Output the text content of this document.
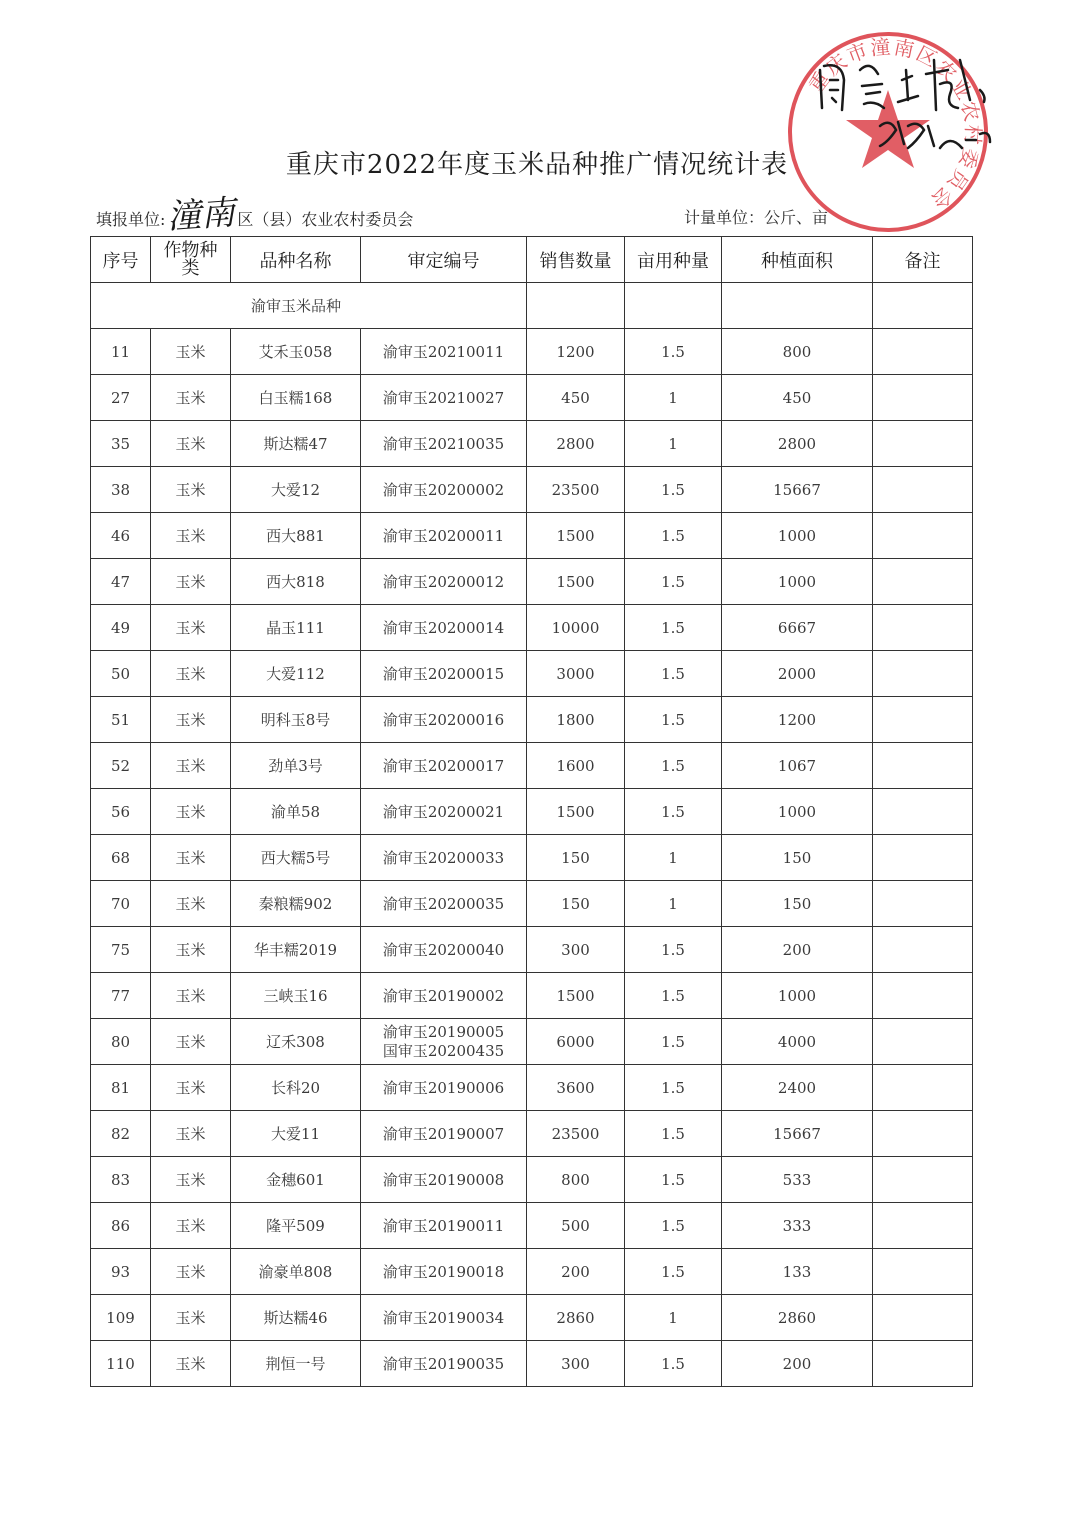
重庆市潼南区农业农村委员会
重庆市2022年度玉米品种推广情况统计表
填报单位: 潼南 区（县）农业农村委员会	计量单位：公斤、亩
序号	作物种类	品种名称	审定编号	销售数量	亩用种量	种植面积	备注
渝审玉米品种							
11	玉米	艾禾玉058	渝审玉20210011	1200	1.5	800	
27	玉米	白玉糯168	渝审玉20210027	450	1	450	
35	玉米	斯达糯47	渝审玉20210035	2800	1	2800	
38	玉米	大爱12	渝审玉20200002	23500	1.5	15667	
46	玉米	西大881	渝审玉20200011	1500	1.5	1000	
47	玉米	西大818	渝审玉20200012	1500	1.5	1000	
49	玉米	晶玉111	渝审玉20200014	10000	1.5	6667	
50	玉米	大爱112	渝审玉20200015	3000	1.5	2000	
51	玉米	明科玉8号	渝审玉20200016	1800	1.5	1200	
52	玉米	劲单3号	渝审玉20200017	1600	1.5	1067	
56	玉米	渝单58	渝审玉20200021	1500	1.5	1000	
68	玉米	西大糯5号	渝审玉20200033	150	1	150	
70	玉米	秦粮糯902	渝审玉20200035	150	1	150	
75	玉米	华丰糯2019	渝审玉20200040	300	1.5	200	
77	玉米	三峡玉16	渝审玉20190002	1500	1.5	1000	
80	玉米	辽禾308	渝审玉20190005
国审玉20200435	6000	1.5	4000	
81	玉米	长科20	渝审玉20190006	3600	1.5	2400	
82	玉米	大爱11	渝审玉20190007	23500	1.5	15667	
83	玉米	金穗601	渝审玉20190008	800	1.5	533	
86	玉米	隆平509	渝审玉20190011	500	1.5	333	
93	玉米	渝豪单808	渝审玉20190018	200	1.5	133	
109	玉米	斯达糯46	渝审玉20190034	2860	1	2860	
110	玉米	荆恒一号	渝审玉20190035	300	1.5	200	
